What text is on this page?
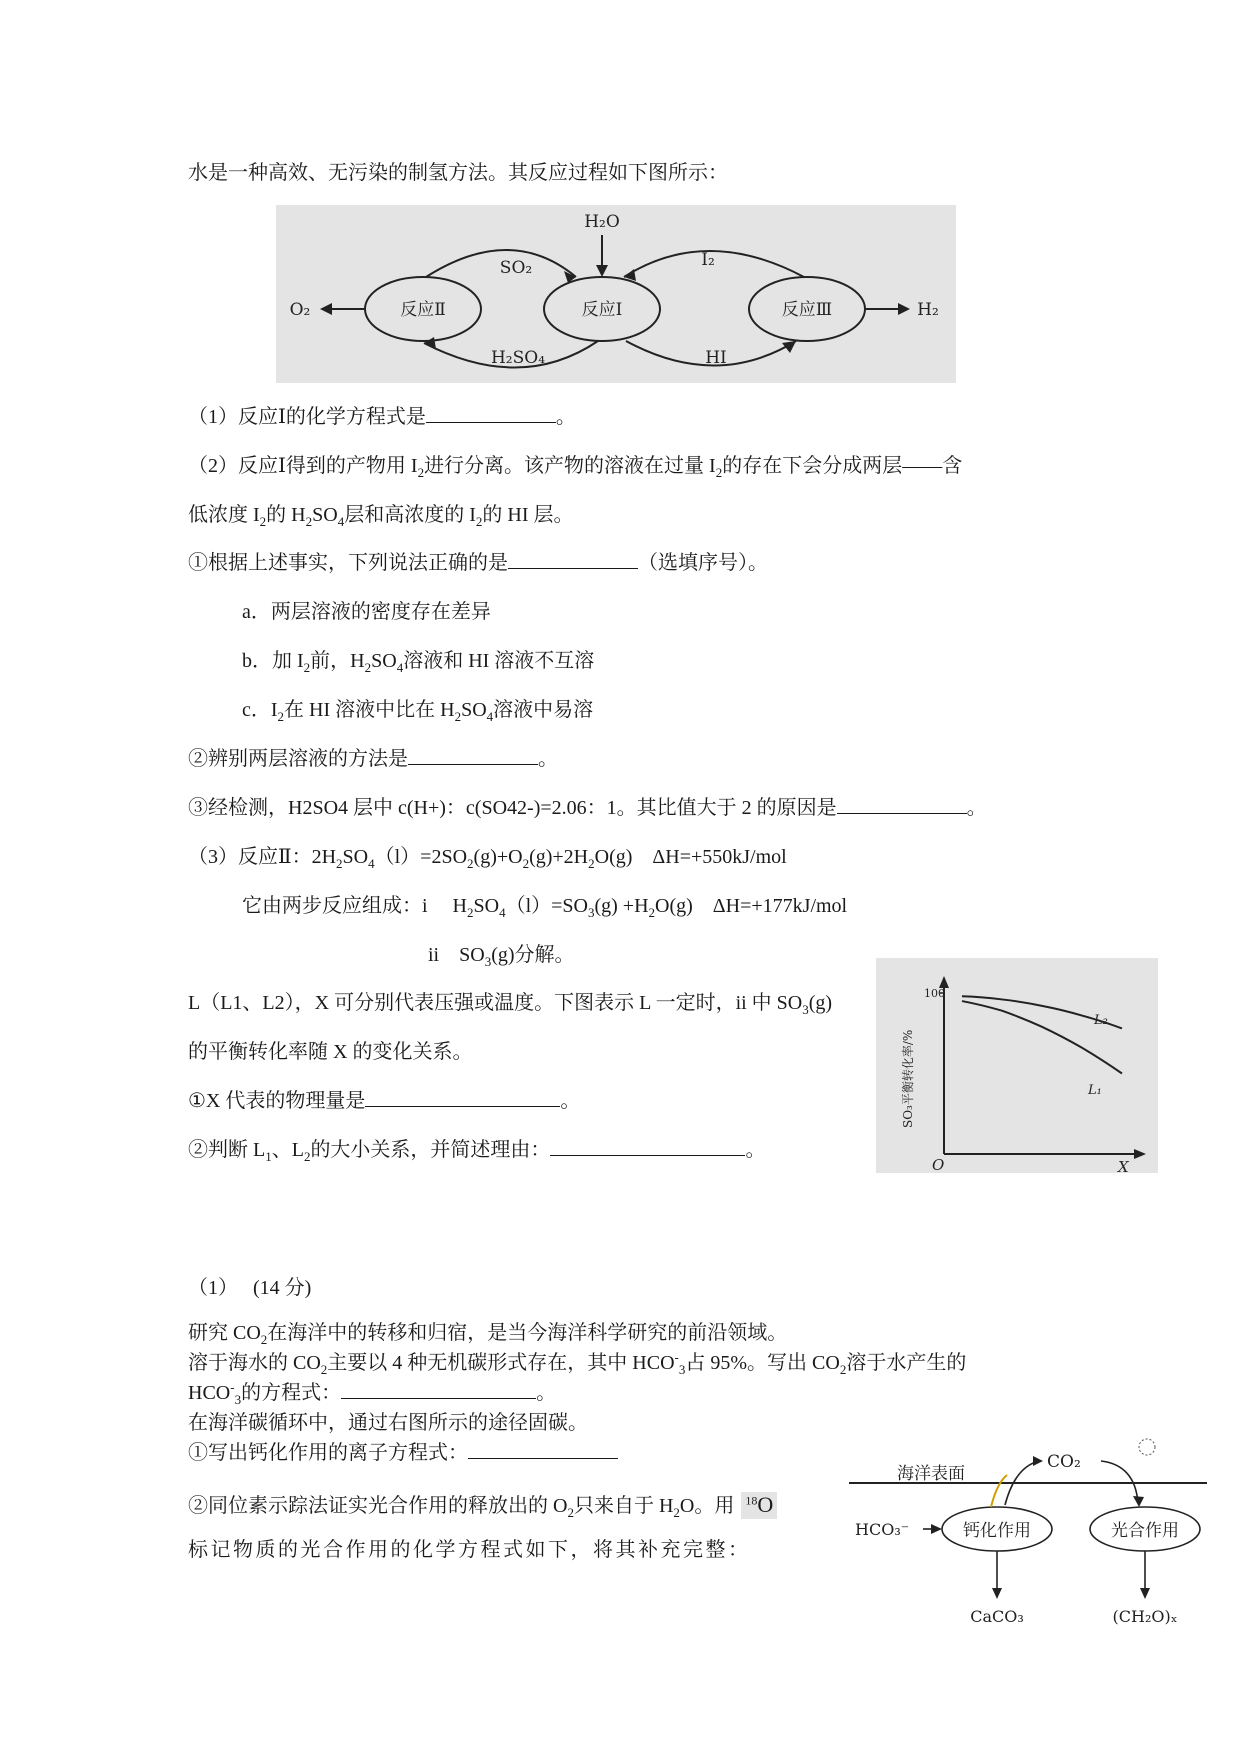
水是一种高效、无污染的制氢方法。其反应过程如下图所示：
反应Ⅱ	反应Ⅰ	反应Ⅲ
SO₂
H₂SO₄
I₂
HI
H₂O
O₂	H₂
（1）反应Ⅰ的化学方程式是	。
（2）反应Ⅰ得到的产物用 $I_2$进行分离。该产物的溶液在过量 $I_2$的存在下会分成两层——含
低浓度 $I_2$的 $H_2SO_4$层和高浓度的 $I_2$的 HI 层。
①根据上述事实，下列说法正确的是	（选填序号）。
a．两层溶液的密度存在差异
b．加 $I_2$前，$H_2SO_4$溶液和 HI 溶液不互溶
c．$I_2$在 HI 溶液中比在 $H_2SO_4$溶液中易溶
②辨别两层溶液的方法是	。
③经检测，H2SO4 层中 c(H+)：c(SO42-)=2.06：1。其比值大于 2 的原因是	。
（3）反应Ⅱ：$2H_2SO_4(l)=2SO_2(g)+O_2(g)+2H_2O(g)$　ΔH=+550kJ/mol
它由两步反应组成：i　 $H_2SO_4(l)=SO_3(g) +H_2O(g)$　ΔH=+177kJ/mol
ii　$SO_3(g)$分解。
L（L1、L2），X 可分别代表压强或温度。下图表示 L 一定时，ii 中 $SO_3(g)$
的平衡转化率随 X 的变化关系。
①X 代表的物理量是	。
②判断 $L_1$、$L_2$的大小关系，并简述理由：	。
100
O	X
L₂
L₁
SO₃平衡转化率/%
（1）　 (14 分)
研究 $CO_2$在海洋中的转移和归宿，是当今海洋科学研究的前沿领域。
溶于海水的 $CO_2$主要以 4 种无机碳形式存在，其中 $HCO^-_3$占 95%。写出 $CO_2$溶于水产生的
$HCO^-_3$的方程式：	。
在海洋碳循环中，通过右图所示的途径固碳。
①写出钙化作用的离子方程式：
②同位素示踪法证实光合作用的释放出的 $O_2$只来自于 $H_2O$。用 $^{18}$O
标记物质的光合作用的化学方程式如下，将其补充完整：
海洋表面
CO₂
HCO₃⁻	钙化作用	光合作用
CaCO₃	(CH₂O)ₓ
